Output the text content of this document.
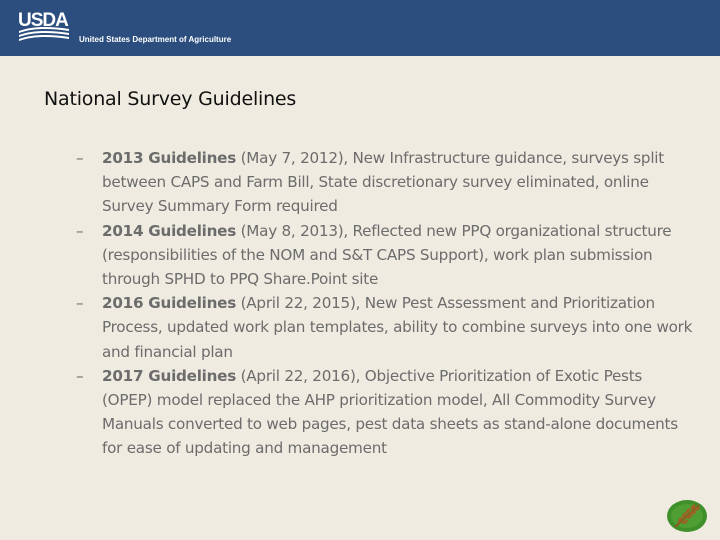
USDA
United States Department of Agriculture
National Survey Guidelines
– 2013 Guidelines (May 7, 2012), New Infrastructure guidance, surveys split between CAPS and Farm Bill, State discretionary survey eliminated, online Survey Summary Form required
– 2014 Guidelines (May 8, 2013), Reflected new PPQ organizational structure (responsibilities of the NOM and S&T CAPS Support), work plan submission through SPHD to PPQ Share.Point site
– 2016 Guidelines (April 22, 2015), New Pest Assessment and Prioritization Process, updated work plan templates, ability to combine surveys into one work and financial plan
– 2017 Guidelines (April 22, 2016), Objective Prioritization of Exotic Pests (OPEP) model replaced the AHP prioritization model, All Commodity Survey Manuals converted to web pages, pest data sheets as stand-alone documents for ease of updating and management
